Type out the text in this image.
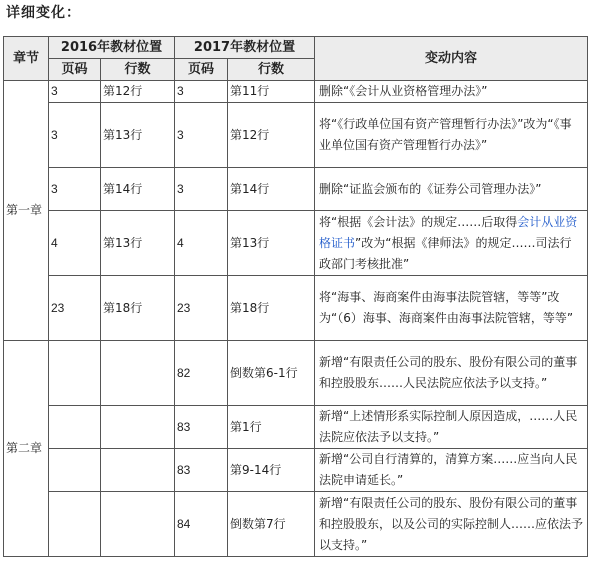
详细变化：
章节	2016年教材位置		2017年教材位置		变动内容
	页码	行数	页码	行数	
第一章	3	第12行	3	第11行	删除“《会计从业资格管理办法》”
	3	第13行	3	第12行	将“《行政单位国有资产管理暂行办法》”改为“《事业单位国有资产管理暂行办法》”
	3	第14行	3	第14行	删除“证监会颁布的《证券公司管理办法》”
	4	第13行	4	第13行	将“根据《会计法》的规定……后取得会计从业资格证书”改为“根据《律师法》的规定……司法行政部门考核批准”
	23	第18行	23	第18行	将“海事、海商案件由海事法院管辖，等等”改为“（6）海事、海商案件由海事法院管辖，等等”
第二章			82	倒数第6-1行	新增“有限责任公司的股东、股份有限公司的董事和控股股东……人民法院应依法予以支持。”
			83	第1行	新增“上述情形系实际控制人原因造成，……人民法院应依法予以支持。”
			83	第9-14行	新增“公司自行清算的，清算方案……应当向人民法院申请延长。”
			84	倒数第7行	新增“有限责任公司的股东、股份有限公司的董事和控股股东，以及公司的实际控制人……应依法予以支持。”
